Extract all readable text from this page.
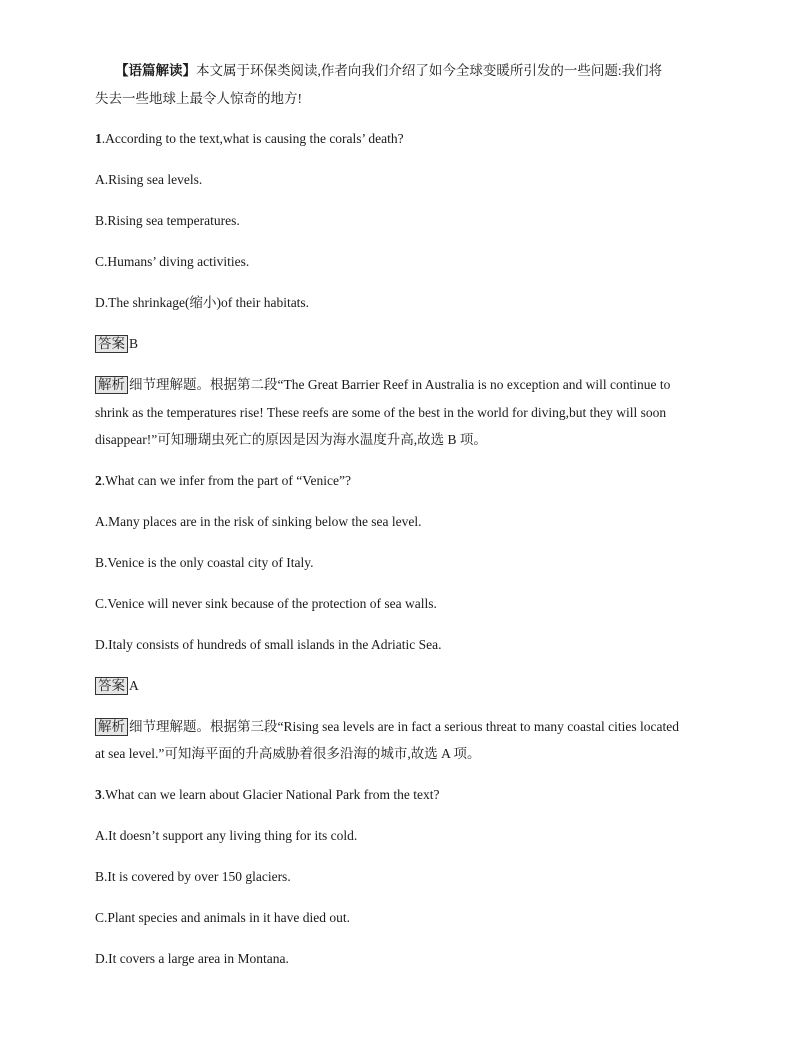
【语篇解读】本文属于环保类阅读,作者向我们介绍了如今全球变暖所引发的一些问题:我们将
失去一些地球上最令人惊奇的地方!
1.According to the text,what is causing the corals’ death?
A.Rising sea levels.
B.Rising sea temperatures.
C.Humans’ diving activities.
D.The shrinkage(缩小)of their habitats.
答案 B
解析 细节理解题。根据第二段“The Great Barrier Reef in Australia is no exception and will continue to
shrink as the temperatures rise! These reefs are some of the best in the world for diving,but they will soon
disappear!”可知珊瑚虫死亡的原因是因为海水温度升高,故选 B 项。
2.What can we infer from the part of “Venice”?
A.Many places are in the risk of sinking below the sea level.
B.Venice is the only coastal city of Italy.
C.Venice will never sink because of the protection of sea walls.
D.Italy consists of hundreds of small islands in the Adriatic Sea.
答案 A
解析 细节理解题。根据第三段“Rising sea levels are in fact a serious threat to many coastal cities located
at sea level.”可知海平面的升高威胁着很多沿海的城市,故选 A 项。
3.What can we learn about Glacier National Park from the text?
A.It doesn’t support any living thing for its cold.
B.It is covered by over 150 glaciers.
C.Plant species and animals in it have died out.
D.It covers a large area in Montana.
